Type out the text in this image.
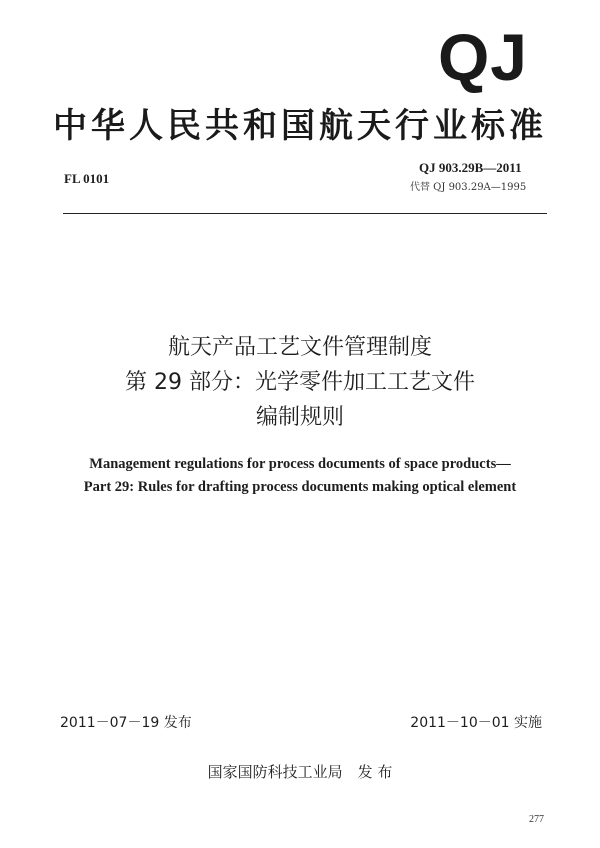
QJ
中华人民共和国航天行业标准
FL 0101
QJ 903.29B—2011
代替 QJ 903.29A—1995
航天产品工艺文件管理制度
第 29 部分：光学零件加工工艺文件
编制规则
Management regulations for process documents of space products—
Part 29: Rules for drafting process documents making optical element
2011－07－19 发布	2011－10－01 实施
国家国防科技工业局　发 布
277
